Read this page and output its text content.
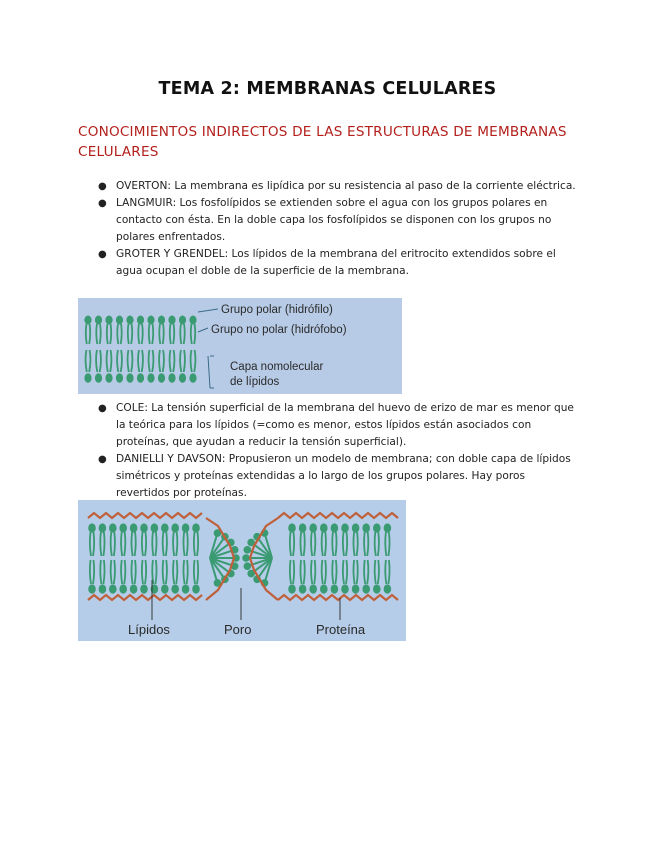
TEMA 2: MEMBRANAS CELULARES
CONOCIMIENTOS INDIRECTOS DE LAS ESTRUCTURAS DE MEMBRANAS CELULARES
● OVERTON: La membrana es lipídica por su resistencia al paso de la corriente eléctrica.
● LANGMUIR: Los fosfolípidos se extienden sobre el agua con los grupos polares en contacto con ésta. En la doble capa los fosfolípidos se disponen con los grupos no polares enfrentados.
● GROTER Y GRENDEL: Los lípidos de la membrana del eritrocito extendidos sobre el agua ocupan el doble de la superficie de la membrana.
Grupo polar (hidrófilo)
Grupo no polar (hidrófobo)
Capa nomolecular
de lípidos
● COLE: La tensión superficial de la membrana del huevo de erizo de mar es menor que la teórica para los lípidos (=como es menor, estos lípidos están asociados con proteínas, que ayudan a reducir la tensión superficial).
● DANIELLI Y DAVSON: Propusieron un modelo de membrana; con doble capa de lípidos simétricos y proteínas extendidas a lo largo de los grupos polares. Hay poros revertidos por proteínas.
Lípidos	Poro	Proteína
